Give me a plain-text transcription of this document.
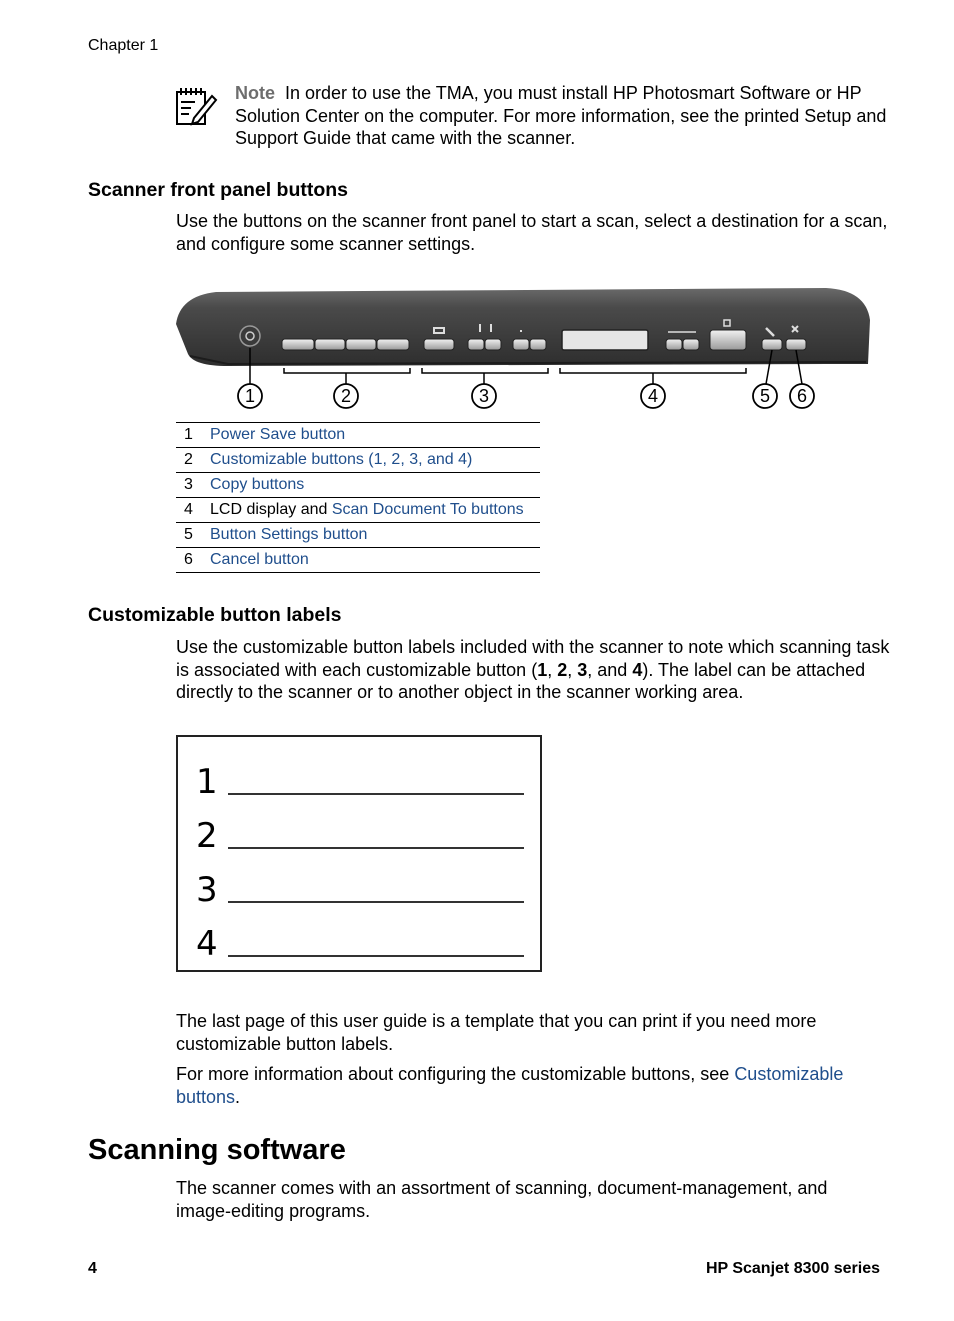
Chapter 1
Note In order to use the TMA, you must install HP Photosmart Software or HP Solution Center on the computer. For more information, see the printed Setup and Support Guide that came with the scanner.
Scanner front panel buttons

Use the buttons on the scanner front panel to start a scan, select a destination for a scan, and configure some scanner settings.

1	2	3	4	5 6
1	Power Save button
2	Customizable buttons (1, 2, 3, and 4)
3	Copy buttons
4	LCD display and Scan Document To buttons
5	Button Settings button
6	Cancel button
Customizable button labels

Use the customizable button labels included with the scanner to note which scanning task is associated with each customizable button (1, 2, 3, and 4). The label can be attached directly to the scanner or to another object in the scanner working area.

1
2
3
4

The last page of this user guide is a template that you can print if you need more customizable button labels.

For more information about configuring the customizable buttons, see Customizable buttons.

Scanning software

The scanner comes with an assortment of scanning, document-management, and image-editing programs.

4	HP Scanjet 8300 series
